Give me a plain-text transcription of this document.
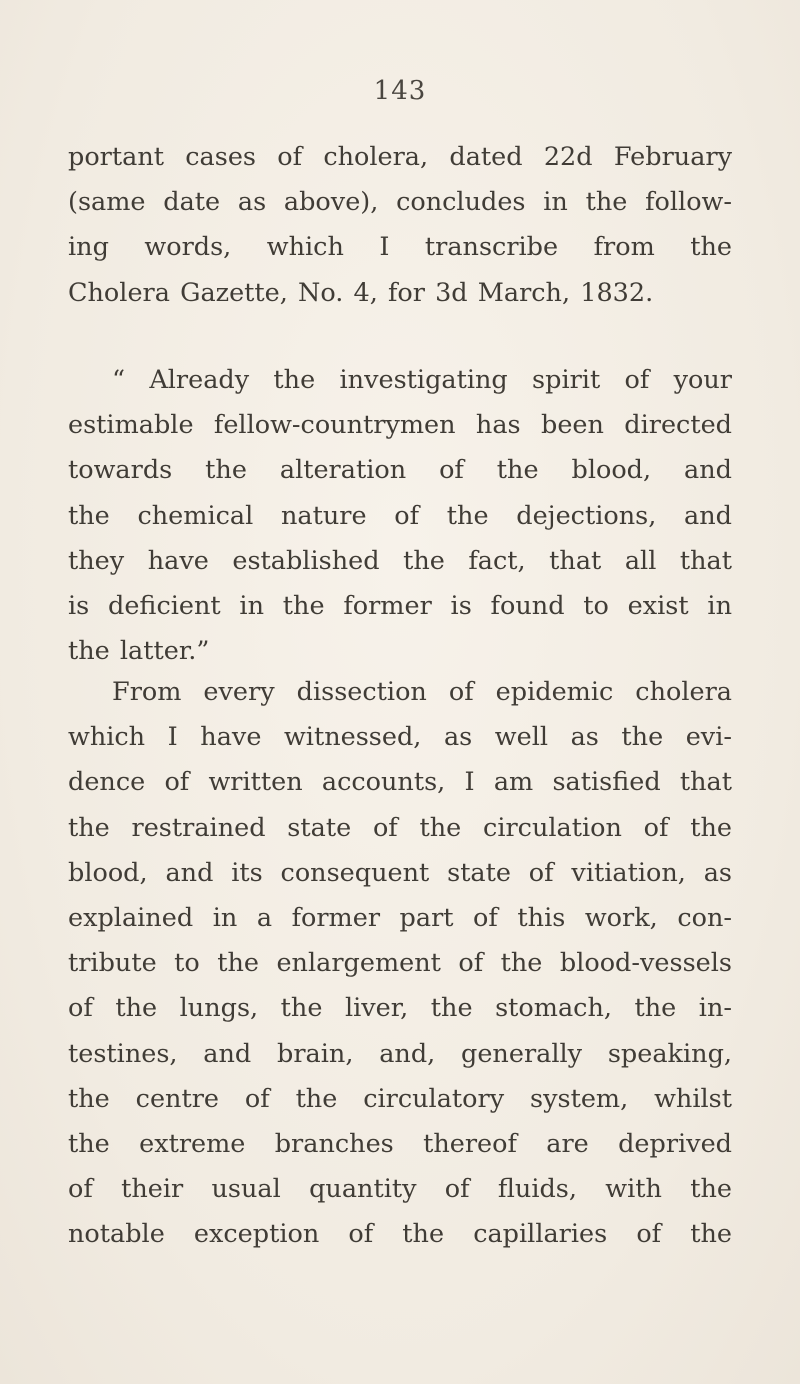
143

portant cases of cholera, dated 22d February
(same date as above), concludes in the follow-
ing words, which I transcribe from the
Cholera Gazette, No. 4, for 3d March, 1832.

“ Already the investigating spirit of your
estimable fellow-countrymen has been directed
towards the alteration of the blood, and
the chemical nature of the dejections, and
they have established the fact, that all that
is deficient in the former is found to exist in
the latter.”

From every dissection of epidemic cholera
which I have witnessed, as well as the evi-
dence of written accounts, I am satisfied that
the restrained state of the circulation of the
blood, and its consequent state of vitiation, as
explained in a former part of this work, con-
tribute to the enlargement of the blood-vessels
of the lungs, the liver, the stomach, the in-
testines, and brain, and, generally speaking,
the centre of the circulatory system, whilst
the extreme branches thereof are deprived
of their usual quantity of fluids, with the
notable exception of the capillaries of the
